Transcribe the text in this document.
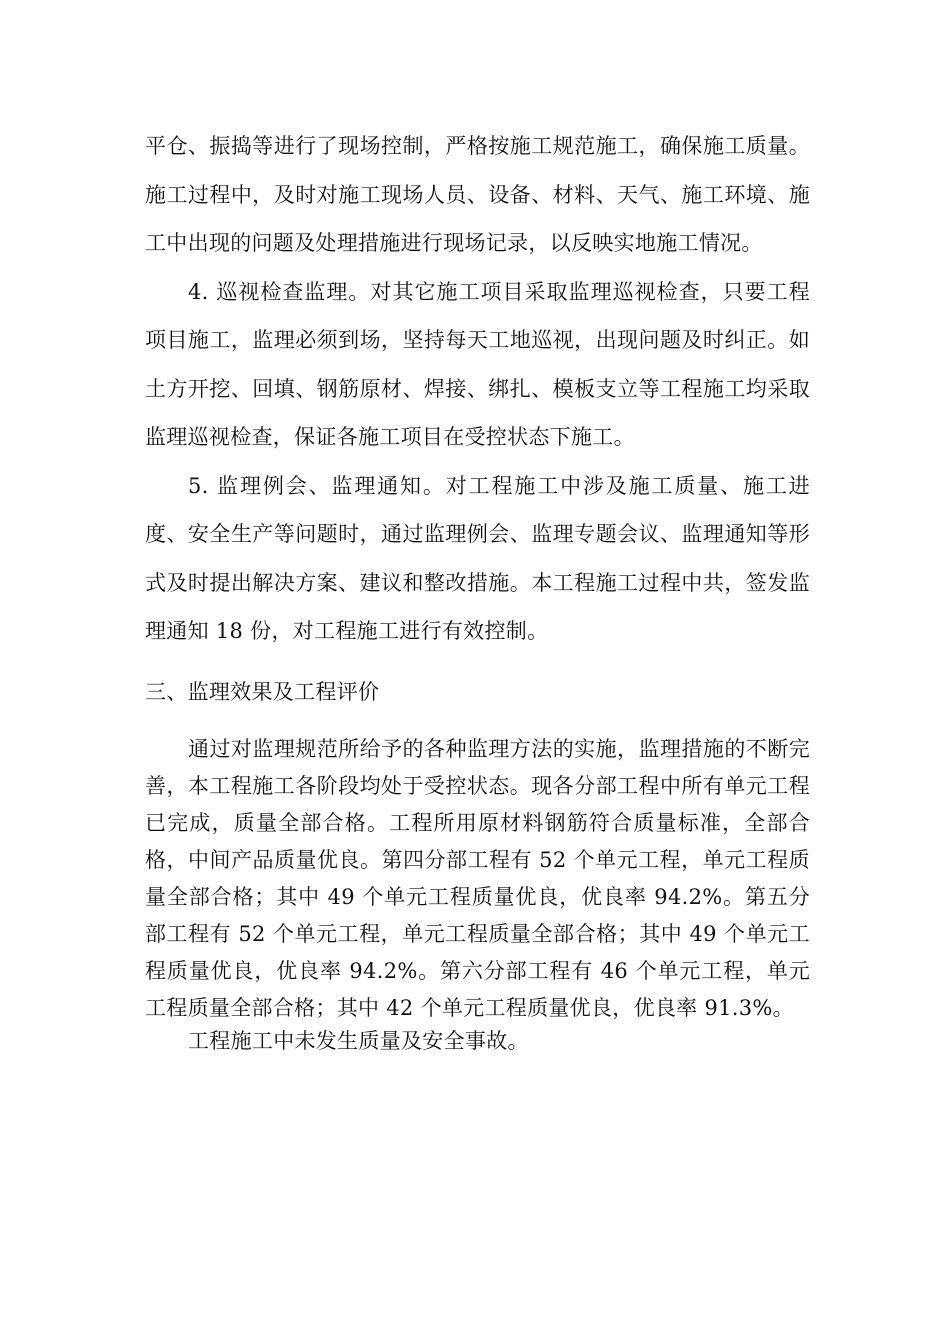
平仓、振捣等进行了现场控制，严格按施工规范施工，确保施工质量。施工过程中，及时对施工现场人员、设备、材料、天气、施工环境、施工中出现的问题及处理措施进行现场记录，以反映实地施工情况。

4. 巡视检查监理。对其它施工项目采取监理巡视检查，只要工程项目施工，监理必须到场，坚持每天工地巡视，出现问题及时纠正。如土方开挖、回填、钢筋原材、焊接、绑扎、模板支立等工程施工均采取监理巡视检查，保证各施工项目在受控状态下施工。

5. 监理例会、监理通知。对工程施工中涉及施工质量、施工进度、安全生产等问题时，通过监理例会、监理专题会议、监理通知等形式及时提出解决方案、建议和整改措施。本工程施工过程中共，签发监理通知 18 份，对工程施工进行有效控制。

三、监理效果及工程评价

通过对监理规范所给予的各种监理方法的实施，监理措施的不断完善，本工程施工各阶段均处于受控状态。现各分部工程中所有单元工程已完成，质量全部合格。工程所用原材料钢筋符合质量标准，全部合格，中间产品质量优良。第四分部工程有 52 个单元工程，单元工程质量全部合格；其中 49 个单元工程质量优良，优良率 94.2%。第五分部工程有 52 个单元工程，单元工程质量全部合格；其中 49 个单元工程质量优良，优良率 94.2%。第六分部工程有 46 个单元工程，单元工程质量全部合格；其中 42 个单元工程质量优良，优良率 91.3%。

工程施工中未发生质量及安全事故。
